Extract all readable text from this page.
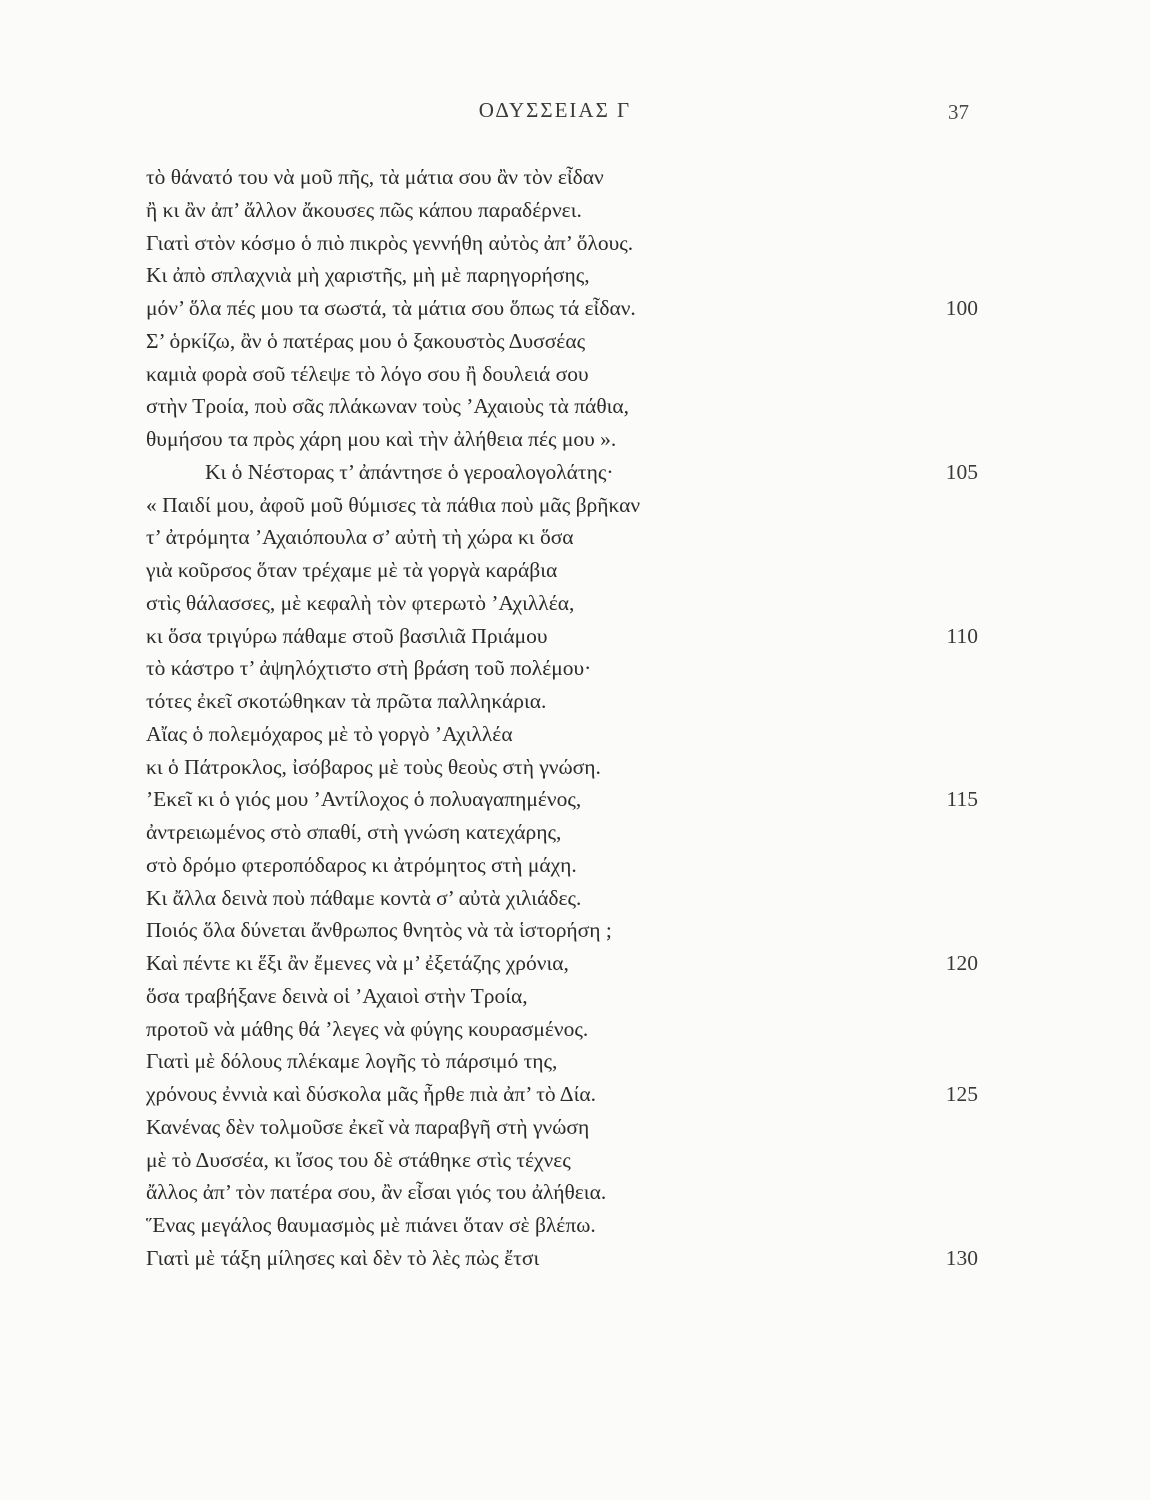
ΟΔΥΣΣΕΙΑΣ Γ	37
τὸ θάνατό του νὰ μοῦ πῆς, τὰ μάτια σου ἂν τὸν εἶδαν
ἢ κι ἂν ἀπ’ ἄλλον ἄκουσες πῶς κάπου παραδέρνει.
Γιατὶ στὸν κόσμο ὁ πιὸ πικρὸς γεννήθη αὐτὸς ἀπ’ ὅλους.
Κι ἀπὸ σπλαχνιὰ μὴ χαριστῆς, μὴ μὲ παρηγορήσης,
μόν’ ὅλα πές μου τα σωστά, τὰ μάτια σου ὅπως τά εἶδαν.	100
Σ’ ὁρκίζω, ἂν ὁ πατέρας μου ὁ ξακουστὸς Δυσσέας
καμιὰ φορὰ σοῦ τέλεψε τὸ λόγο σου ἢ δουλειά σου
στὴν Τροία, ποὺ σᾶς πλάκωναν τοὺς ’Αχαιοὺς τὰ πάθια,
θυμήσου τα πρὸς χάρη μου καὶ τὴν ἀλήθεια πές μου ».
Κι ὁ Νέστορας τ’ ἀπάντησε ὁ γεροαλογολάτης·	105
« Παιδί μου, ἀφοῦ μοῦ θύμισες τὰ πάθια ποὺ μᾶς βρῆκαν
τ’ ἀτρόμητα ’Αχαιόπουλα σ’ αὐτὴ τὴ χώρα κι ὅσα
γιὰ κοῦρσος ὅταν τρέχαμε μὲ τὰ γοργὰ καράβια
στὶς θάλασσες, μὲ κεφαλὴ τὸν φτερωτὸ ’Αχιλλέα,
κι ὅσα τριγύρω πάθαμε στοῦ βασιλιᾶ Πριάμου	110
τὸ κάστρο τ’ ἀψηλόχτιστο στὴ βράση τοῦ πολέμου·
τότες ἐκεῖ σκοτώθηκαν τὰ πρῶτα παλληκάρια.
Αἴας ὁ πολεμόχαρος μὲ τὸ γοργὸ ’Αχιλλέα
κι ὁ Πάτροκλος, ἰσόβαρος μὲ τοὺς θεοὺς στὴ γνώση.
’Εκεῖ κι ὁ γιός μου ’Αντίλοχος ὁ πολυαγαπημένος,	115
ἀντρειωμένος στὸ σπαθί, στὴ γνώση κατεχάρης,
στὸ δρόμο φτεροπόδαρος κι ἀτρόμητος στὴ μάχη.
Κι ἄλλα δεινὰ ποὺ πάθαμε κοντὰ σ’ αὐτὰ χιλιάδες.
Ποιός ὅλα δύνεται ἄνθρωπος θνητὸς νὰ τὰ ἱστορήση ;
Καὶ πέντε κι ἕξι ἂν ἔμενες νὰ μ’ ἐξετάζης χρόνια,	120
ὅσα τραβήξανε δεινὰ οἱ ’Αχαιοὶ στὴν Τροία,
προτοῦ νὰ μάθης θά ’λεγες νὰ φύγης κουρασμένος.
Γιατὶ μὲ δόλους πλέκαμε λογῆς τὸ πάρσιμό της,
χρόνους ἐννιὰ καὶ δύσκολα μᾶς ἦρθε πιὰ ἀπ’ τὸ Δία.	125
Κανένας δὲν τολμοῦσε ἐκεῖ νὰ παραβγῆ στὴ γνώση
μὲ τὸ Δυσσέα, κι ἴσος του δὲ στάθηκε στὶς τέχνες
ἄλλος ἀπ’ τὸν πατέρα σου, ἂν εἶσαι γιός του ἀλήθεια.
Ἕνας μεγάλος θαυμασμὸς μὲ πιάνει ὅταν σὲ βλέπω.
Γιατὶ μὲ τάξη μίλησες καὶ δὲν τὸ λὲς πὼς ἔτσι	130
